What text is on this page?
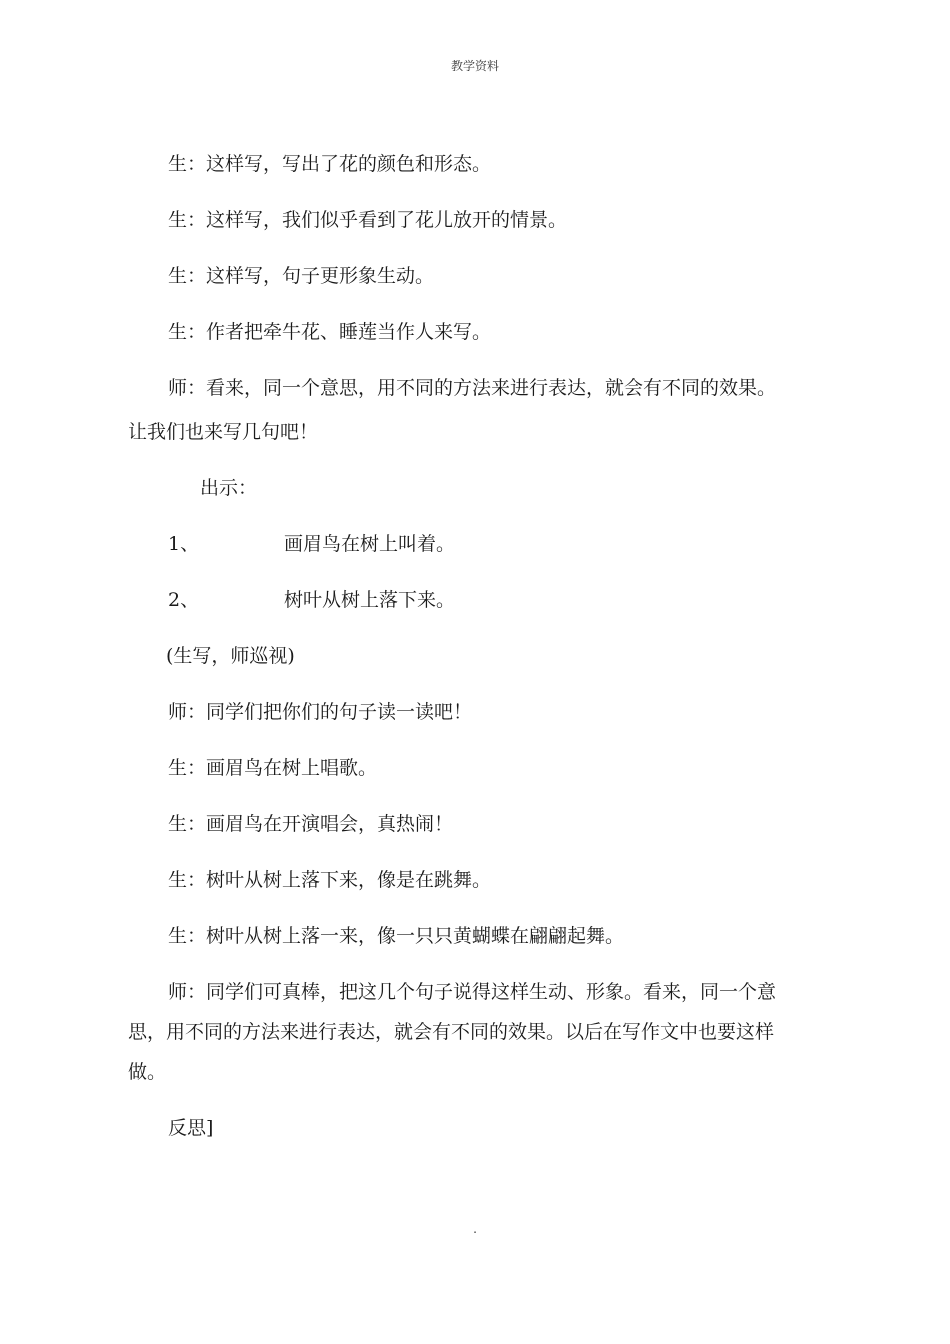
教学资料
生：这样写，写出了花的颜色和形态。
生：这样写，我们似乎看到了花儿放开的情景。
生：这样写，句子更形象生动。
生：作者把牵牛花、睡莲当作人来写。
师：看来，同一个意思，用不同的方法来进行表达，就会有不同的效果。
让我们也来写几句吧！
出示：
1、	画眉鸟在树上叫着。
2、	树叶从树上落下来。
(生写，师巡视)
师：同学们把你们的句子读一读吧！
生：画眉鸟在树上唱歌。
生：画眉鸟在开演唱会，真热闹！
生：树叶从树上落下来，像是在跳舞。
生：树叶从树上落一来，像一只只黄蝴蝶在翩翩起舞。
师：同学们可真棒，把这几个句子说得这样生动、形象。看来，同一个意
思，用不同的方法来进行表达，就会有不同的效果。以后在写作文中也要这样
做。
反思]
.
